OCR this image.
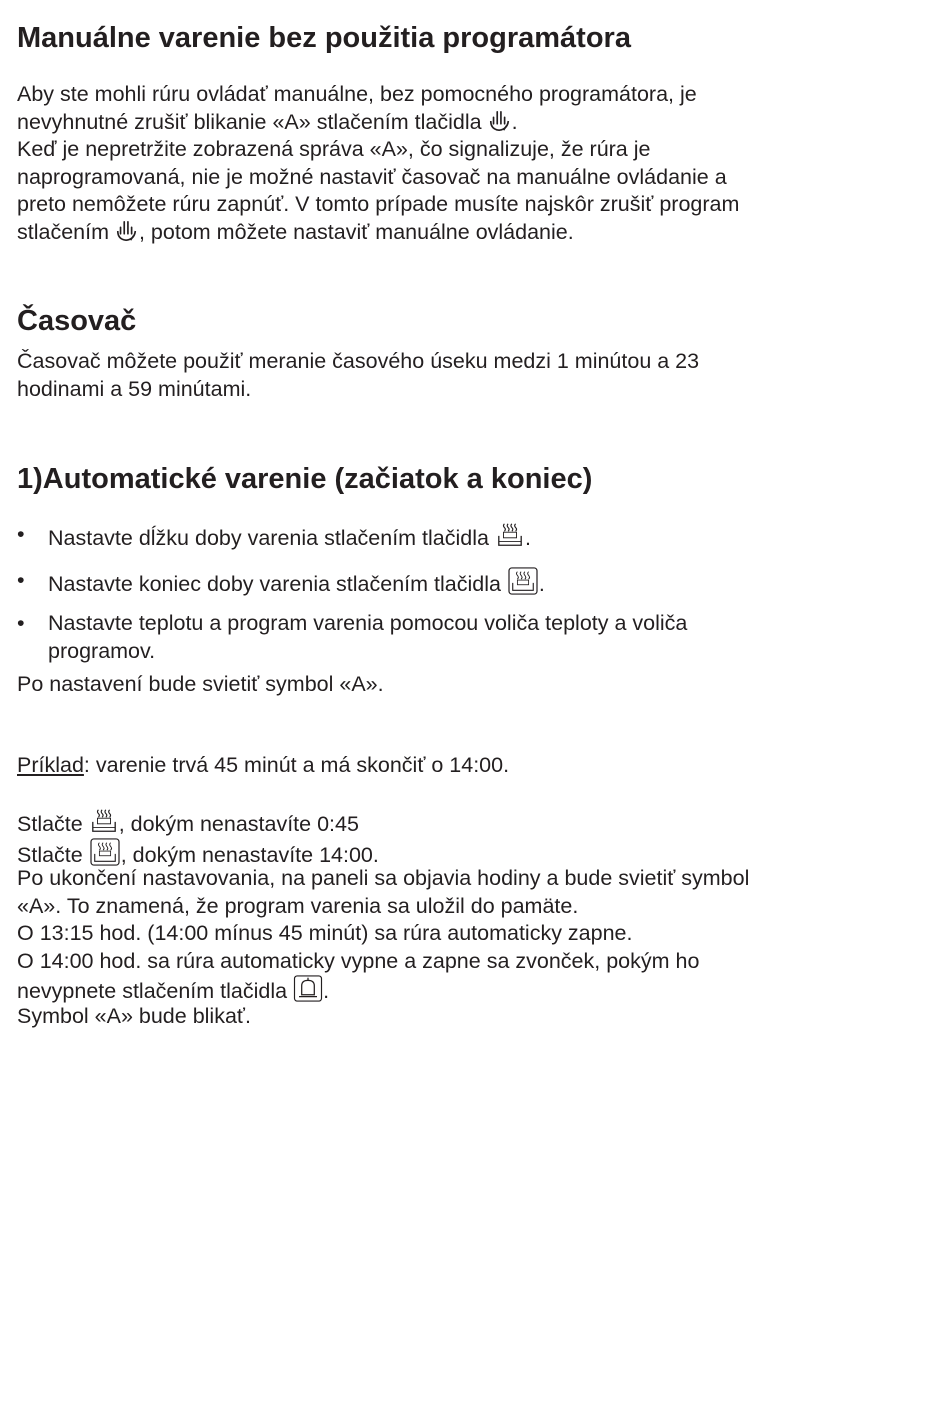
Manuálne varenie bez použitia programátora
Aby ste mohli rúru ovládať manuálne, bez pomocného programátora, je
nevyhnutné zrušiť blikanie «A» stlačením tlačidla
.
Keď je nepretržite zobrazená správa «A», čo signalizuje, že rúra je
naprogramovaná, nie je možné nastaviť časovač na manuálne ovládanie a
preto nemôžete rúru zapnúť. V tomto prípade musíte najskôr zrušiť program
stlačením
, potom môžete nastaviť manuálne ovládanie.
Časovač
Časovač môžete použiť meranie časového úseku medzi 1 minútou a 23
hodinami a 59 minútami.
1)Automatické varenie (začiatok a koniec)
• Nastavte dĺžku doby varenia stlačením tlačidla
.
• Nastavte koniec doby varenia stlačením tlačidla
.
• Nastavte teplotu a program varenia pomocou voliča teploty a voliča
programov.
Po nastavení bude svietiť symbol «A».
Príklad: varenie trvá 45 minút a má skončiť o 14:00.
Stlačte
, dokým nenastavíte 0:45
Stlačte
, dokým nenastavíte 14:00.
Po ukončení nastavovania, na paneli sa objavia hodiny a bude svietiť symbol
«A». To znamená, že program varenia sa uložil do pamäte.
O 13:15 hod. (14:00 mínus 45 minút) sa rúra automaticky zapne.
O 14:00 hod. sa rúra automaticky vypne a zapne sa zvonček, pokým ho
nevypnete stlačením tlačidla
.
Symbol «A» bude blikať.
